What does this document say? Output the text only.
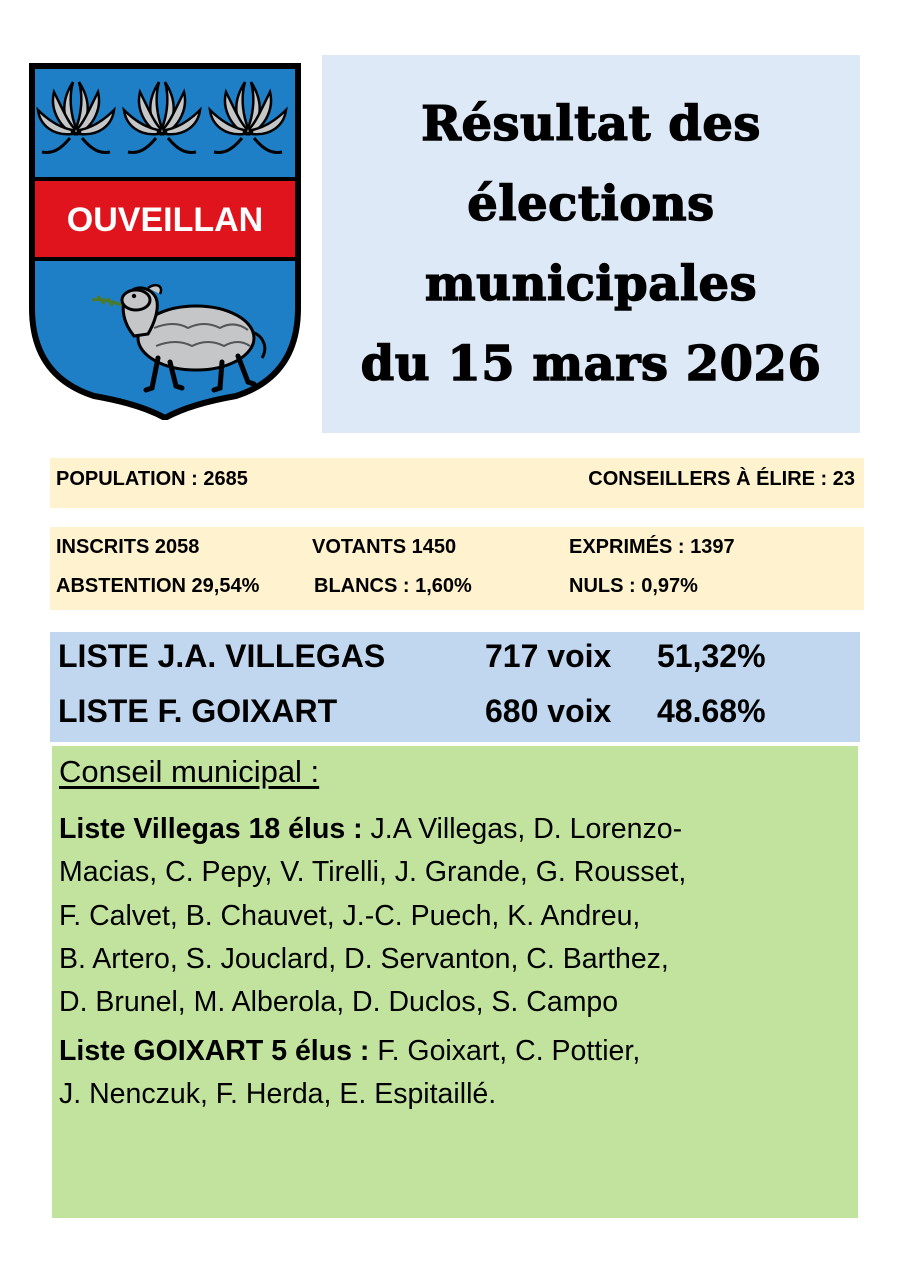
OUVEILLAN
Résultat des
élections
municipales
du 15 mars 2026
POPULATION : 2685	CONSEILLERS À ÉLIRE : 23
INSCRITS 2058	VOTANTS 1450	EXPRIMÉS : 1397
ABSTENTION 29,54%	BLANCS : 1,60%	NULS : 0,97%
LISTE J.A. VILLEGAS	717 voix 51,32%
LISTE F. GOIXART	680 voix 48.68%
Conseil municipal :
Liste Villegas 18 élus : J.A Villegas, D. Lorenzo-
Macias, C. Pepy, V. Tirelli, J. Grande, G. Rousset,
F. Calvet, B. Chauvet, J.-C. Puech, K. Andreu,
B. Artero, S. Jouclard, D. Servanton, C. Barthez,
D. Brunel, M. Alberola, D. Duclos, S. Campo
Liste GOIXART 5 élus : F. Goixart, C. Pottier,
J. Nenczuk, F. Herda, E. Espitaillé.
